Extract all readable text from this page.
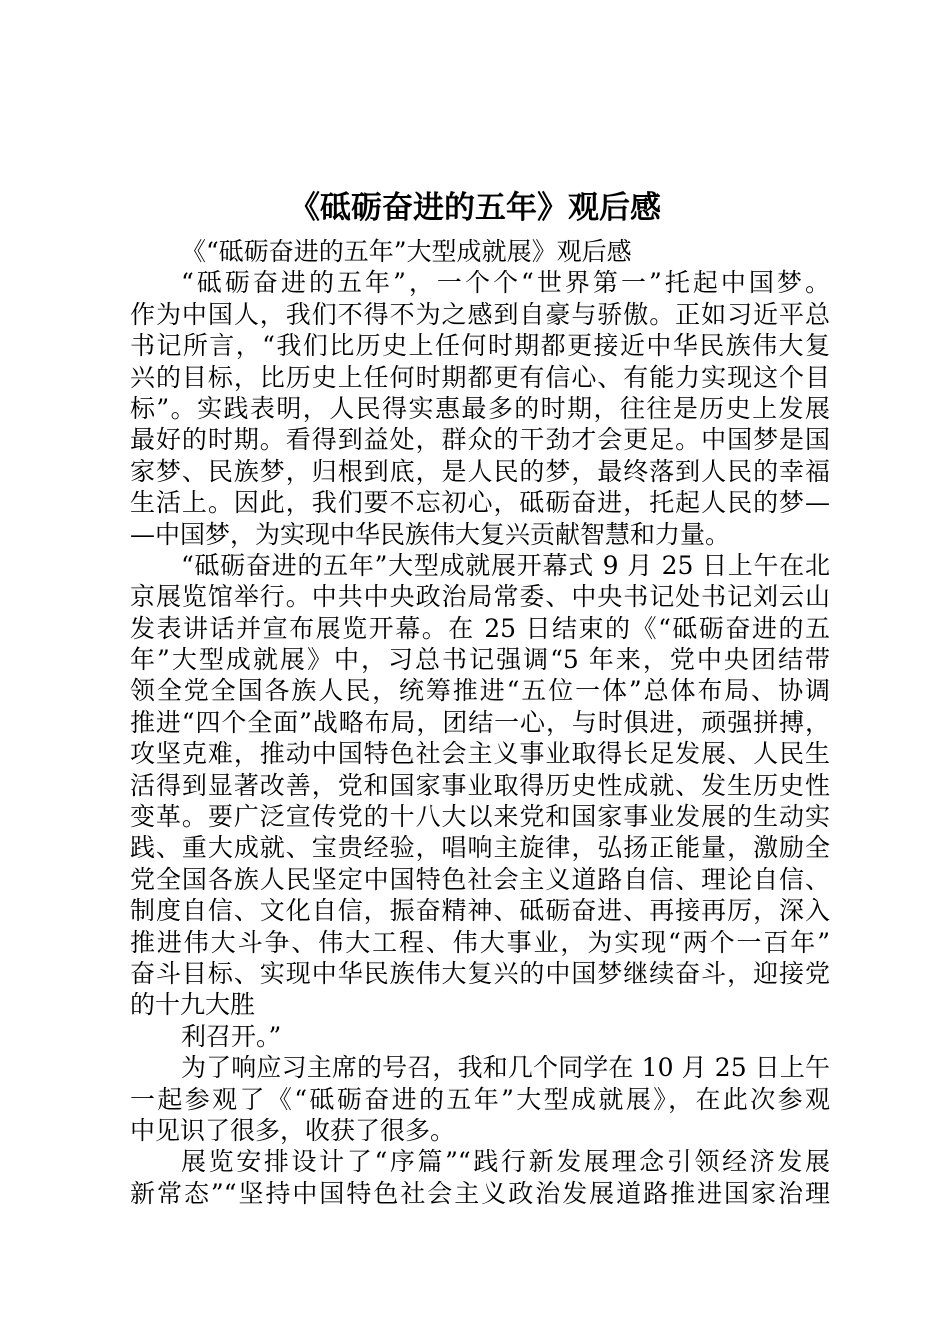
《砥砺奋进的五年》观后感
《“砥砺奋进的五年”大型成就展》观后感
“砥砺奋进的五年”，一个个“世界第一”托起中国梦。
作为中国人，我们不得不为之感到自豪与骄傲。正如习近平总
书记所言，“我们比历史上任何时期都更接近中华民族伟大复
兴的目标，比历史上任何时期都更有信心、有能力实现这个目
标”。实践表明，人民得实惠最多的时期，往往是历史上发展
最好的时期。看得到益处，群众的干劲才会更足。中国梦是国
家梦、民族梦，归根到底，是人民的梦，最终落到人民的幸福
生活上。因此，我们要不忘初心，砥砺奋进，托起人民的梦—
—中国梦，为实现中华民族伟大复兴贡献智慧和力量。
“砥砺奋进的五年”大型成就展开幕式 9 月 25 日上午在北
京展览馆举行。中共中央政治局常委、中央书记处书记刘云山
发表讲话并宣布展览开幕。在 25 日结束的《“砥砺奋进的五
年”大型成就展》中，习总书记强调“5 年来，党中央团结带
领全党全国各族人民，统筹推进“五位一体”总体布局、协调
推进“四个全面”战略布局，团结一心，与时俱进，顽强拼搏，
攻坚克难，推动中国特色社会主义事业取得长足发展、人民生
活得到显著改善，党和国家事业取得历史性成就、发生历史性
变革。要广泛宣传党的十八大以来党和国家事业发展的生动实
践、重大成就、宝贵经验，唱响主旋律，弘扬正能量，激励全
党全国各族人民坚定中国特色社会主义道路自信、理论自信、
制度自信、文化自信，振奋精神、砥砺奋进、再接再厉，深入
推进伟大斗争、伟大工程、伟大事业，为实现“两个一百年”
奋斗目标、实现中华民族伟大复兴的中国梦继续奋斗，迎接党
的十九大胜
利召开。”
为了响应习主席的号召，我和几个同学在 10 月 25 日上午
一起参观了《“砥砺奋进的五年”大型成就展》，在此次参观
中见识了很多，收获了很多。
展览安排设计了“序篇”“践行新发展理念引领经济发展
新常态”“坚持中国特色社会主义政治发展道路推进国家治理
